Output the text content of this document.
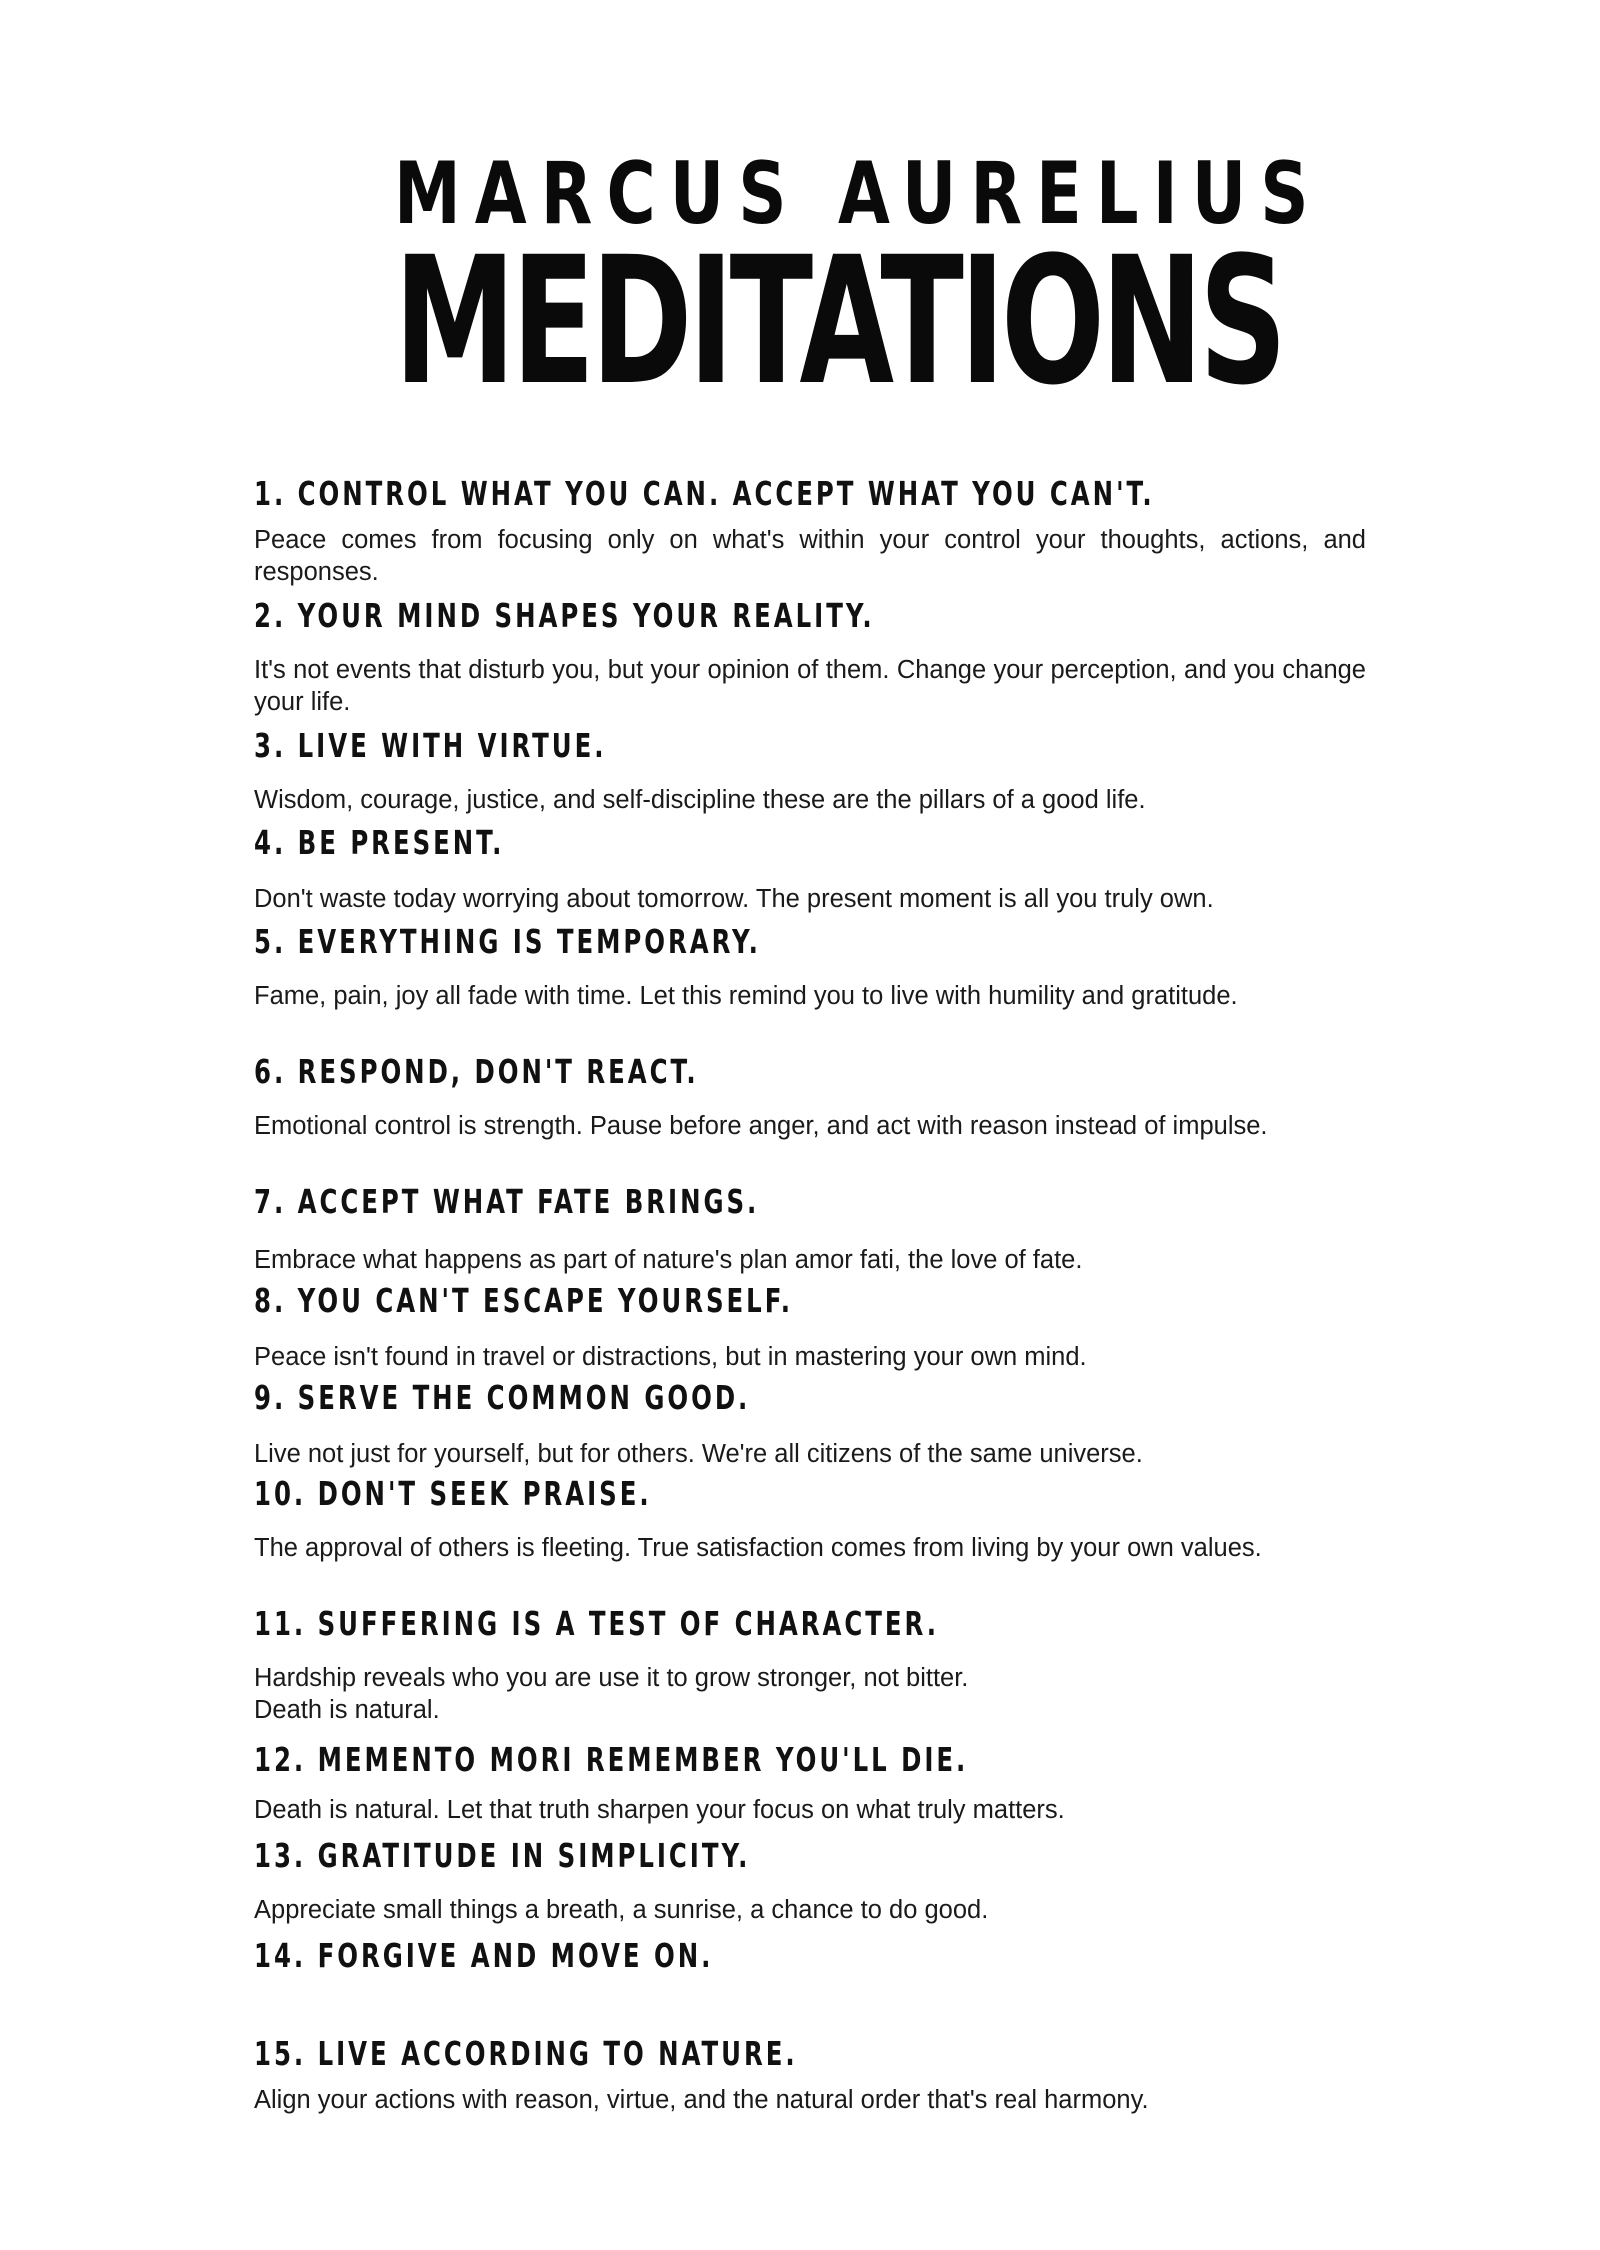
MARCUS AURELIUS
MEDITATIONS
1. CONTROL WHAT YOU CAN. ACCEPT WHAT YOU CAN'T.
Peace comes from focusing only on what's within your control your thoughts, actions, and responses.
2. YOUR MIND SHAPES YOUR REALITY.
It's not events that disturb you, but your opinion of them. Change your perception, and you change your life.
3. LIVE WITH VIRTUE.
Wisdom, courage, justice, and self-discipline these are the pillars of a good life.
4. BE PRESENT.
Don't waste today worrying about tomorrow. The present moment is all you truly own.
5. EVERYTHING IS TEMPORARY.
Fame, pain, joy all fade with time. Let this remind you to live with humility and gratitude.
6. RESPOND, DON'T REACT.
Emotional control is strength. Pause before anger, and act with reason instead of impulse.
7. ACCEPT WHAT FATE BRINGS.
Embrace what happens as part of nature's plan amor fati, the love of fate.
8. YOU CAN'T ESCAPE YOURSELF.
Peace isn't found in travel or distractions, but in mastering your own mind.
9. SERVE THE COMMON GOOD.
Live not just for yourself, but for others. We're all citizens of the same universe.
10. DON'T SEEK PRAISE.
The approval of others is fleeting. True satisfaction comes from living by your own values.
11. SUFFERING IS A TEST OF CHARACTER.
Hardship reveals who you are use it to grow stronger, not bitter.
Death is natural.
12. MEMENTO MORI REMEMBER YOU'LL DIE.
Death is natural. Let that truth sharpen your focus on what truly matters.
13. GRATITUDE IN SIMPLICITY.
Appreciate small things a breath, a sunrise, a chance to do good.
14. FORGIVE AND MOVE ON.
15. LIVE ACCORDING TO NATURE.
Align your actions with reason, virtue, and the natural order that's real harmony.
